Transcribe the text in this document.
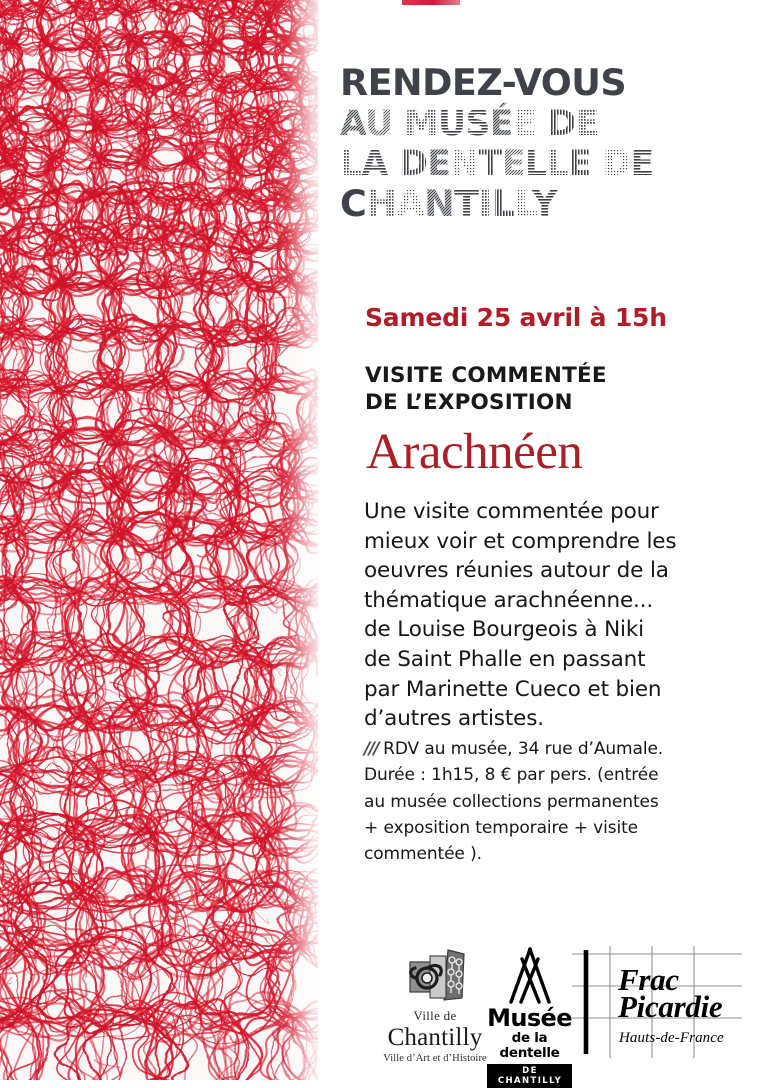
RENDEZ-VOUS
AU MUSÉE DE
LA DENTELLE DE
CHANTILLY
Samedi 25 avril à 15h
VISITE COMMENTÉE
DE L’EXPOSITION
Arachnéen
Une visite commentée pour
mieux voir et comprendre les
oeuvres réunies autour de la
thématique arachnéenne...
de Louise Bourgeois à Niki
de Saint Phalle en passant
par Marinette Cueco et bien
d’autres artistes.
/// RDV au musée, 34 rue d’Aumale.
Durée : 1h15, 8 € par pers. (entrée
au musée collections permanentes
+ exposition temporaire + visite
commentée ).
Ville de
Chantilly
Ville d’Art et d’Histoire
Musée
de la dentelle
DE CHANTILLY
Frac
Picardie
Hauts-de-France
